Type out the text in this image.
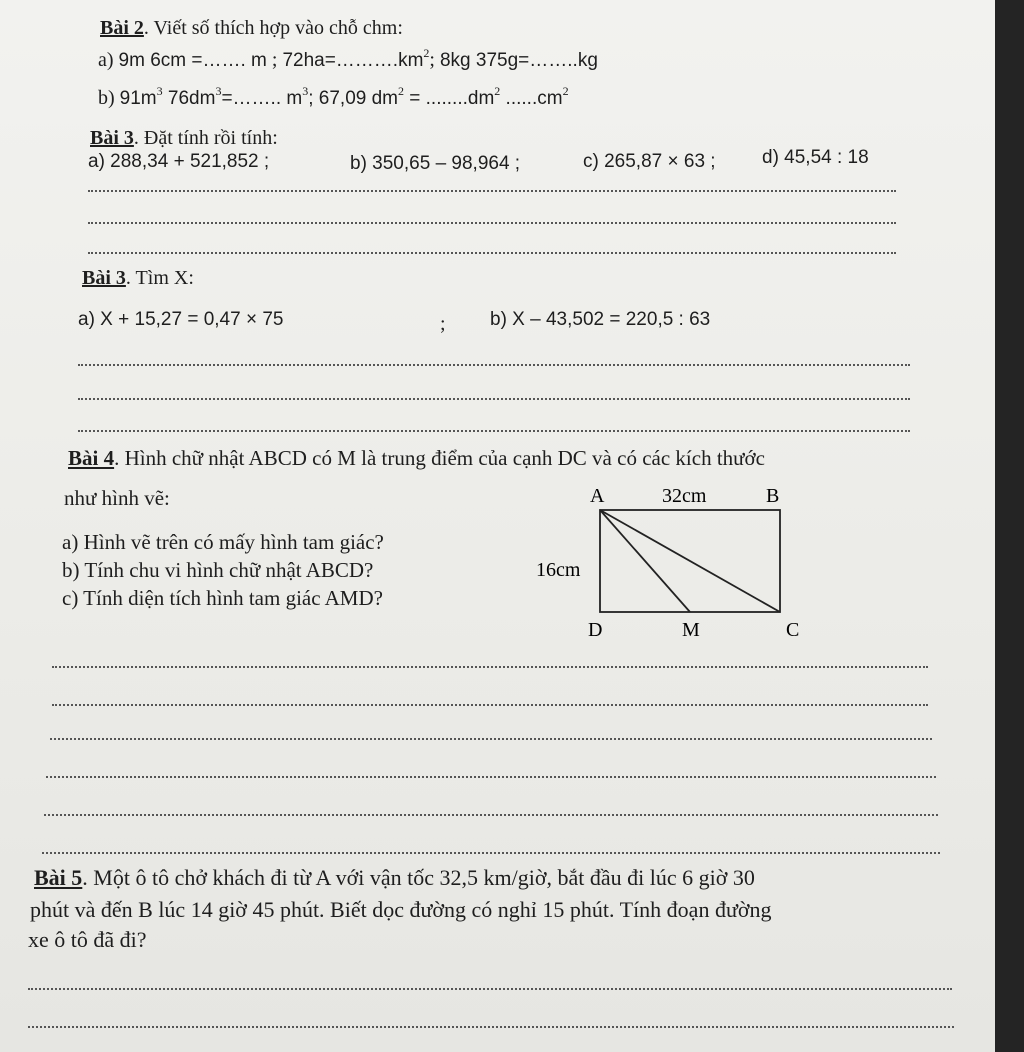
Bài 2. Viết số thích hợp vào chỗ chm:
a) 9m 6cm =……. m ; $72ha=\dots\dots\dots.km^2$; 8kg 375g=……..kg
b) $91m^3$ $76dm^3=\dots\dots$.. $m^3$; 67,09 $dm^2 = ........dm^2$ $......cm^2$
Bài 3. Đặt tính rồi tính:
a) 288,34 + 521,852 ;	b) 350,65 – 98,964 ;	c) 265,87 × 63 ; d) 45,54 : 18
Bài 3. Tìm X:
a) X + 15,27 = 0,47 × 75	; b) X – 43,502 = 220,5 : 63
Bài 4. Hình chữ nhật ABCD có M là trung điểm của cạnh DC và có các kích thước
như hình vẽ:
a) Hình vẽ trên có mấy hình tam giác?
b) Tính chu vi hình chữ nhật ABCD?
c) Tính diện tích hình tam giác AMD?
A	32cm	B
16cm
D	M	C
Bài 5. Một ô tô chở khách đi từ A với vận tốc 32,5 km/giờ, bắt đầu đi lúc 6 giờ 30
phút và đến B lúc 14 giờ 45 phút. Biết dọc đường có nghỉ 15 phút. Tính đoạn đường
xe ô tô đã đi?
